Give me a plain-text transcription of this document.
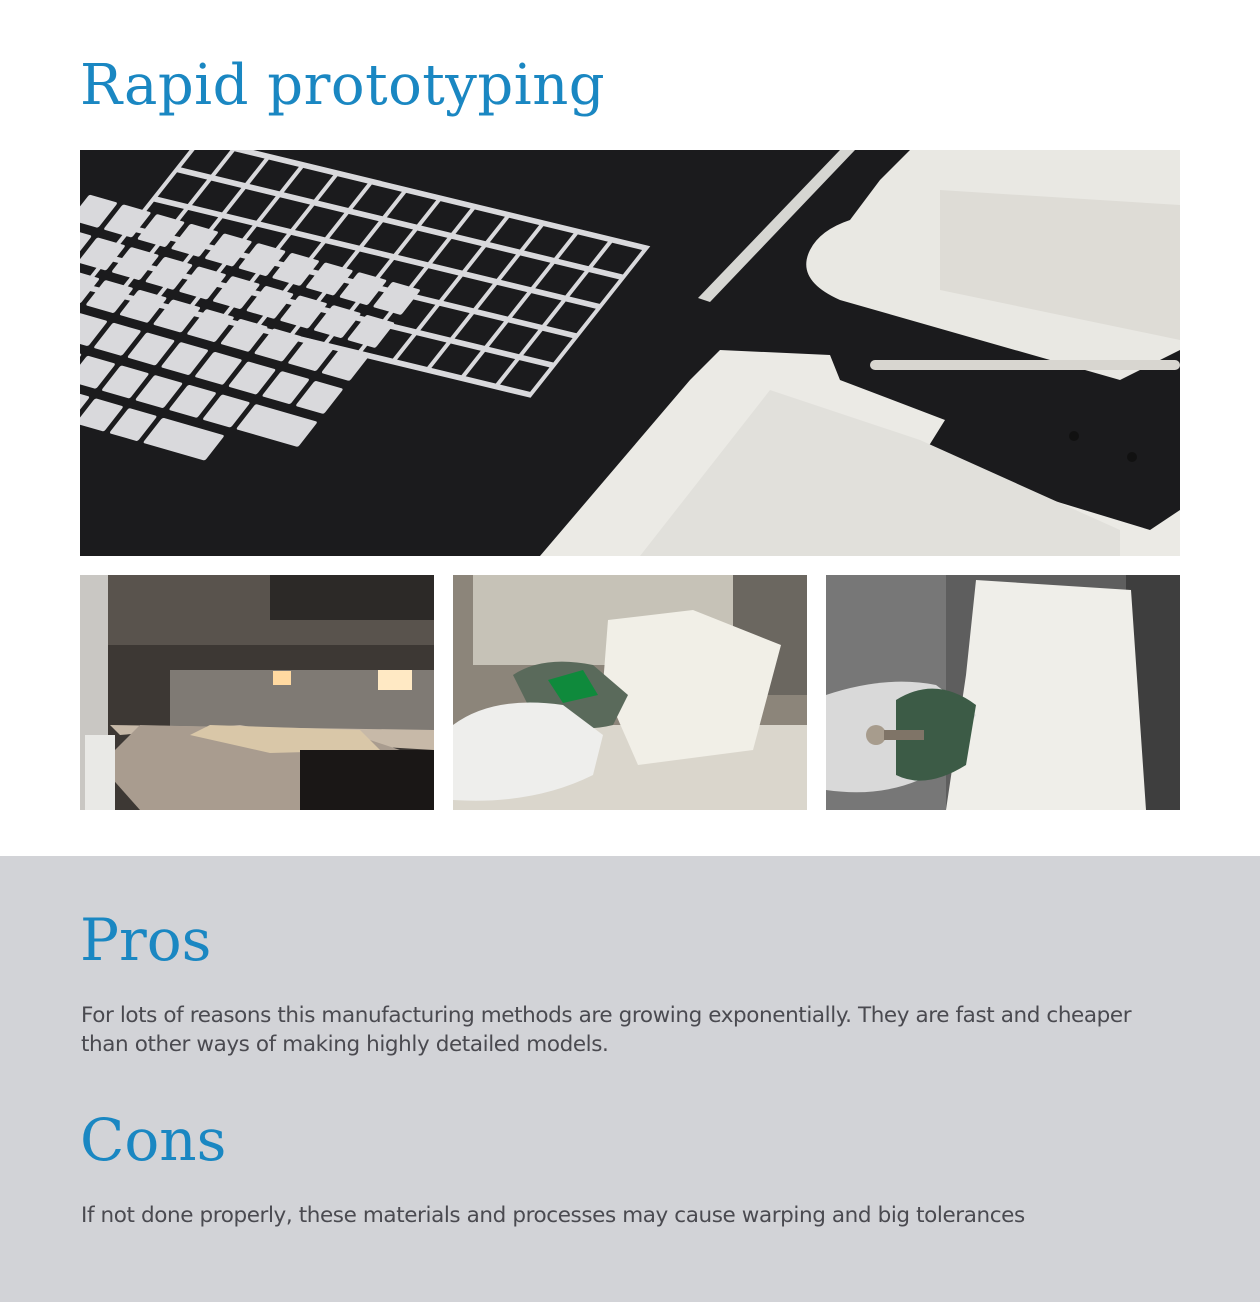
Rapid prototyping
Pros

For lots of reasons this manufacturing methods are growing exponentially. They are fast and cheaper than other ways of making highly detailed models.

Cons

If not done properly, these materials and processes may cause warping and big tolerances
